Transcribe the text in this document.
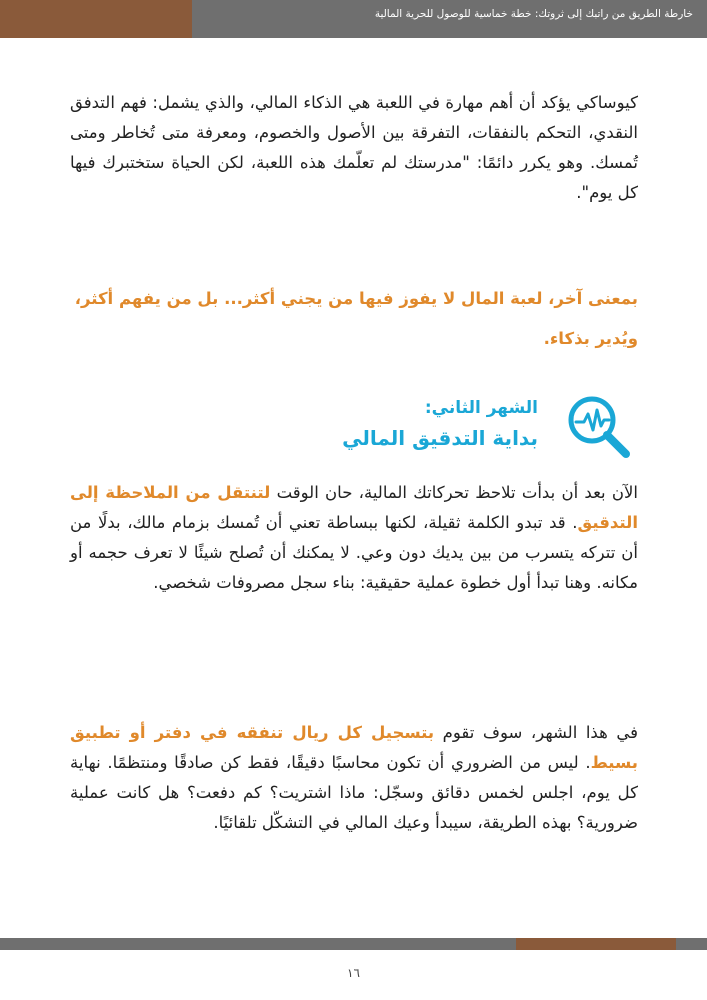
خارطة الطريق من راتبك إلى ثروتك: خطة خماسية للوصول للحرية المالية

كيوساكي يؤكد أن أهم مهارة في اللعبة هي الذكاء المالي، والذي يشمل: فهم التدفق النقدي، التحكم بالنفقات، التفرقة بين الأصول والخصوم، ومعرفة متى تُخاطر ومتى تُمسك. وهو يكرر دائمًا: "مدرستك لم تعلّمك هذه اللعبة، لكن الحياة ستختبرك فيها كل يوم".

بمعنى آخر، لعبة المال لا يفوز فيها من يجني أكثر... بل من يفهم أكثر، ويُدير بذكاء.

الشهر الثاني:
بداية التدقيق المالي

الآن بعد أن بدأت تلاحظ تحركاتك المالية، حان الوقت لتنتقل من الملاحظة إلى التدقيق. قد تبدو الكلمة ثقيلة، لكنها ببساطة تعني أن تُمسك بزمام مالك، بدلًا من أن تتركه يتسرب من بين يديك دون وعي. لا يمكنك أن تُصلح شيئًا لا تعرف حجمه أو مكانه. وهنا تبدأ أول خطوة عملية حقيقية: بناء سجل مصروفات شخصي.

في هذا الشهر، سوف تقوم بتسجيل كل ريال تنفقه في دفتر أو تطبيق بسيط. ليس من الضروري أن تكون محاسبًا دقيقًا، فقط كن صادقًا ومنتظمًا. نهاية كل يوم، اجلس لخمس دقائق وسجّل: ماذا اشتريت؟ كم دفعت؟ هل كانت عملية ضرورية؟ بهذه الطريقة، سيبدأ وعيك المالي في التشكّل تلقائيًا.

١٦
